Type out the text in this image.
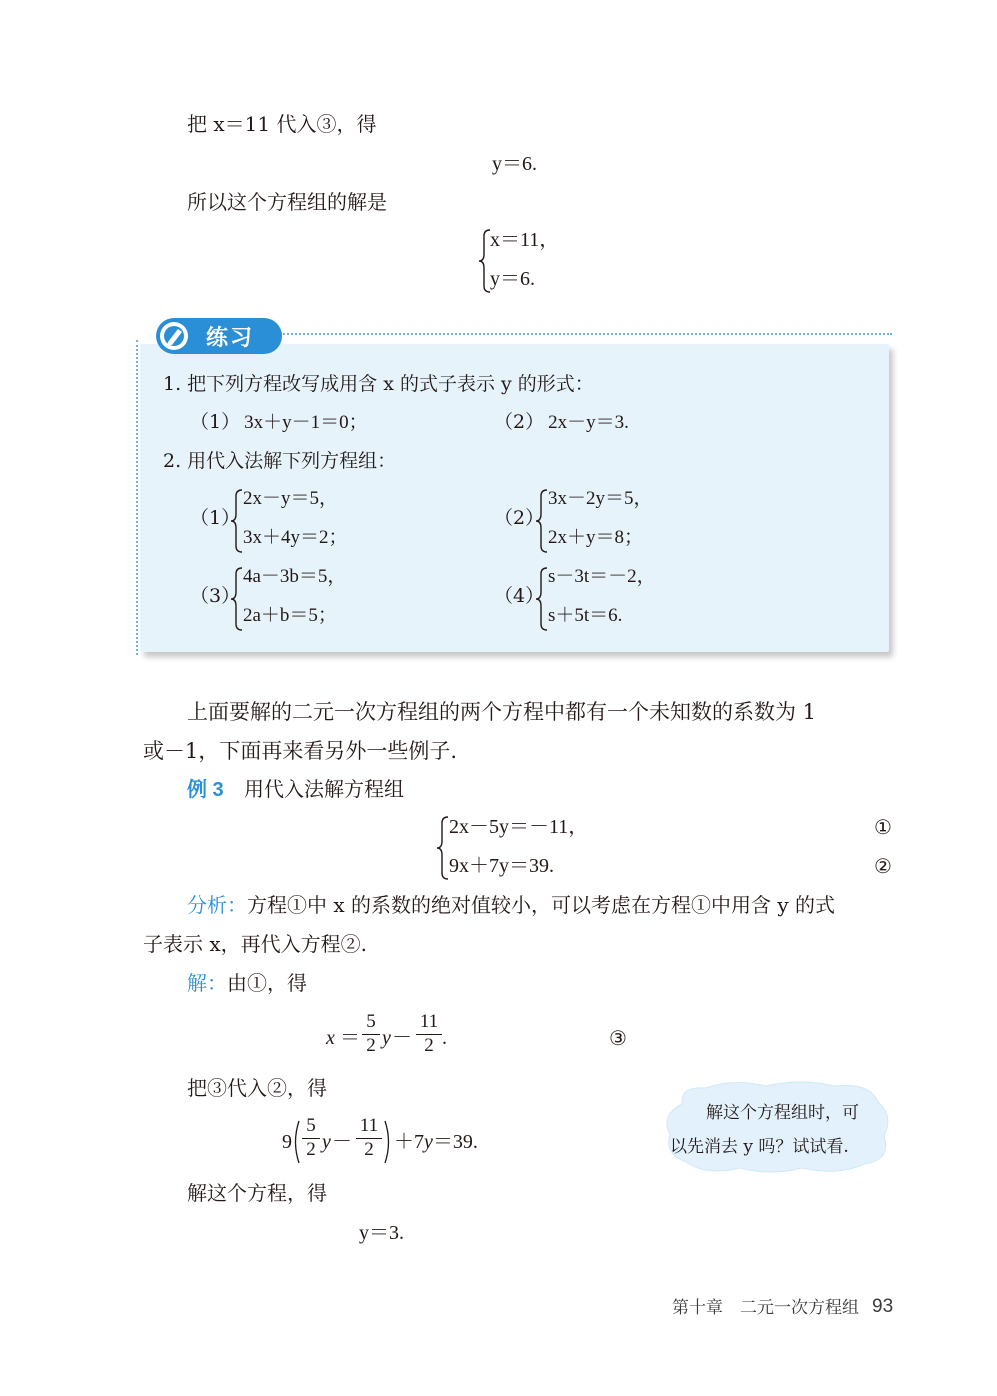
把 x＝11 代入③，得
y＝6.
所以这个方程组的解是
x＝11，
y＝6.
练习
1. 把下列方程改写成用含 x 的式子表示 y 的形式：
（1） 3x＋y－1＝0；	（2） 2x－y＝3.
2. 用代入法解下列方程组：
（1）
2x－y＝5，
3x＋4y＝2；
（2）
3x－2y＝5，
2x＋y＝8；
（3）
4a－3b＝5，
2a＋b＝5；
（4）
s－3t＝－2，
s＋5t＝6.
上面要解的二元一次方程组的两个方程中都有一个未知数的系数为 1
或－1，下面再来看另外一些例子.
例 3 用代入法解方程组
2x－5y＝－11，
9x＋7y＝39.
①
②
分析：方程①中 x 的系数的绝对值较小，可以考虑在方程①中用含 y 的式
子表示 x，再代入方程②.
解：由①，得
x ＝
5
2 y －
11
2 .	③
把③代入②，得
9
5
2 y －
11
2	＋7y＝39.
解这个方程，得
y＝3.
解这个方程组时，可
以先消去 y 吗？试试看.
第十章　二元一次方程组 93
